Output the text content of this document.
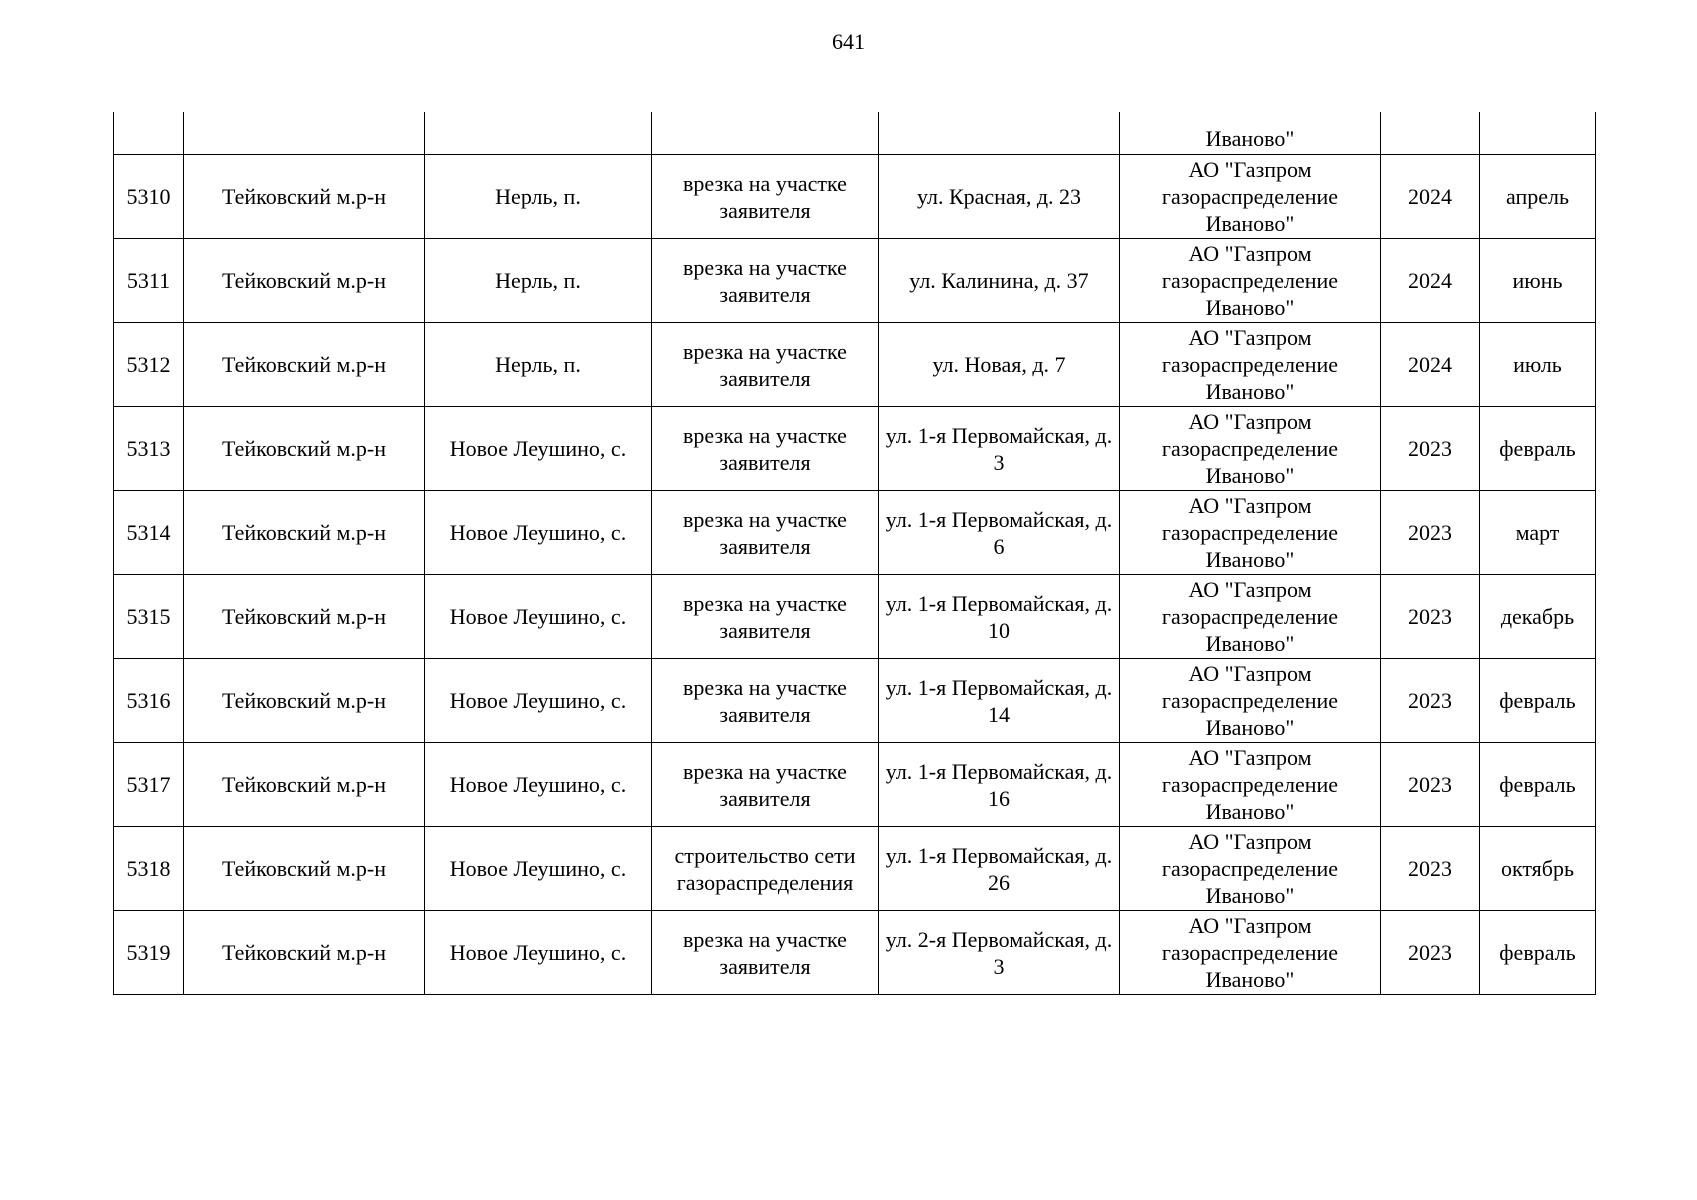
641
					Иваново"		
5310	Тейковский м.р-н	Нерль, п.	врезка на участке заявителя	ул. Красная, д. 23	АО "Газпром газораспределение Иваново"	2024	апрель
5311	Тейковский м.р-н	Нерль, п.	врезка на участке заявителя	ул. Калинина, д. 37	АО "Газпром газораспределение Иваново"	2024	июнь
5312	Тейковский м.р-н	Нерль, п.	врезка на участке заявителя	ул. Новая, д. 7	АО "Газпром газораспределение Иваново"	2024	июль
5313	Тейковский м.р-н	Новое Леушино, с.	врезка на участке заявителя	ул. 1-я Первомайская, д. 3	АО "Газпром газораспределение Иваново"	2023	февраль
5314	Тейковский м.р-н	Новое Леушино, с.	врезка на участке заявителя	ул. 1-я Первомайская, д. 6	АО "Газпром газораспределение Иваново"	2023	март
5315	Тейковский м.р-н	Новое Леушино, с.	врезка на участке заявителя	ул. 1-я Первомайская, д. 10	АО "Газпром газораспределение Иваново"	2023	декабрь
5316	Тейковский м.р-н	Новое Леушино, с.	врезка на участке заявителя	ул. 1-я Первомайская, д. 14	АО "Газпром газораспределение Иваново"	2023	февраль
5317	Тейковский м.р-н	Новое Леушино, с.	врезка на участке заявителя	ул. 1-я Первомайская, д. 16	АО "Газпром газораспределение Иваново"	2023	февраль
5318	Тейковский м.р-н	Новое Леушино, с.	строительство сети газораспределения	ул. 1-я Первомайская, д. 26	АО "Газпром газораспределение Иваново"	2023	октябрь
5319	Тейковский м.р-н	Новое Леушино, с.	врезка на участке заявителя	ул. 2-я Первомайская, д. 3	АО "Газпром газораспределение Иваново"	2023	февраль
